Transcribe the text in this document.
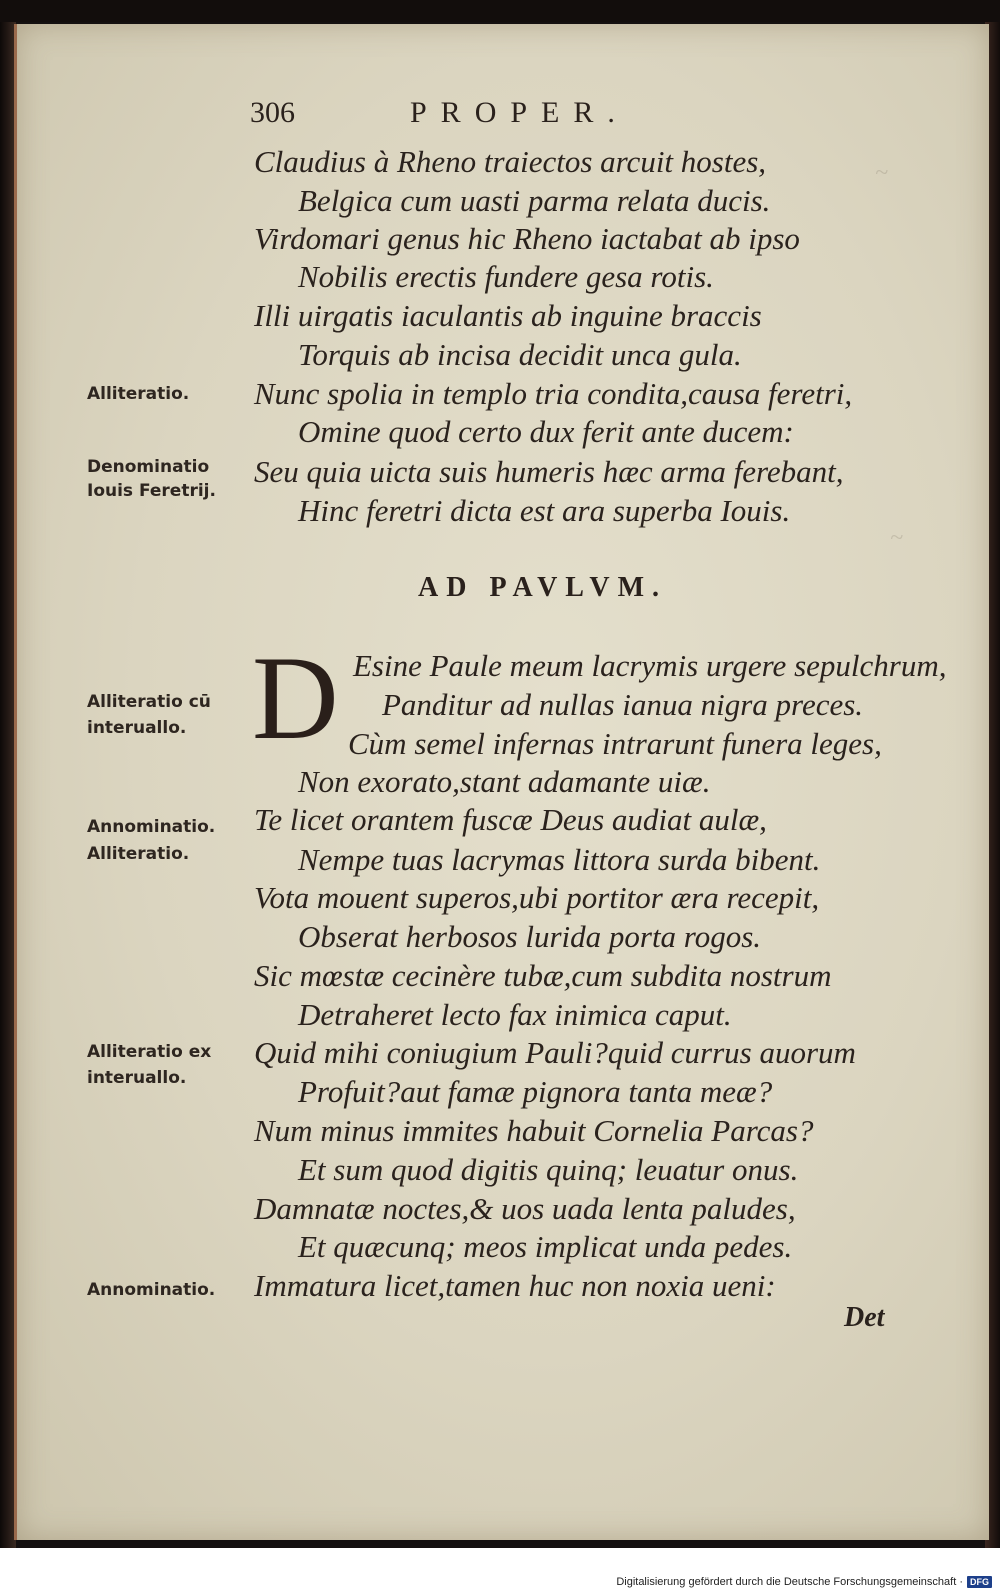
~
~
306	PROPER.
Claudius à Rheno traiectos arcuit hostes,
Belgica cum uasti parma relata ducis.
Virdomari genus hic Rheno iactabat ab ipso
Nobilis erectis fundere gesa rotis.
Illi uirgatis iaculantis ab inguine braccis
Torquis ab incisa decidit unca gula.
Nunc spolia in templo tria condita,causa feretri,
Omine quod certo dux ferit ante ducem:
Seu quia uicta suis humeris hæc arma ferebant,
Hinc feretri dicta est ara superba Iouis.
AD PAVLVM.
D Esine Paule meum lacrymis urgere sepulchrum,
Panditur ad nullas ianua nigra preces.
Cùm semel infernas intrarunt funera leges,
Non exorato,stant adamante uiæ.
Te licet orantem fuscæ Deus audiat aulæ,
Nempe tuas lacrymas littora surda bibent.
Vota mouent superos,ubi portitor æra recepit,
Obserat herbosos lurida porta rogos.
Sic mœstæ cecinère tubæ,cum subdita nostrum
Detraheret lecto fax inimica caput.
Quid mihi coniugium Pauli?quid currus auorum
Profuit?aut famæ pignora tanta meæ?
Num minus immites habuit Cornelia Parcas?
Et sum quod digitis quinq; leuatur onus.
Damnatæ noctes,& uos uada lenta paludes,
Et quæcunq; meos implicat unda pedes.
Immatura licet,tamen huc non noxia ueni:
Alliteratio.
Denominatio
Iouis Feretrij.
Alliteratio cū
interuallo.
Annominatio.
Alliteratio.
Alliteratio ex
interuallo.
Annominatio.
Det
Digitalisierung gefördert durch die Deutsche Forschungsgemeinschaft · DFG
